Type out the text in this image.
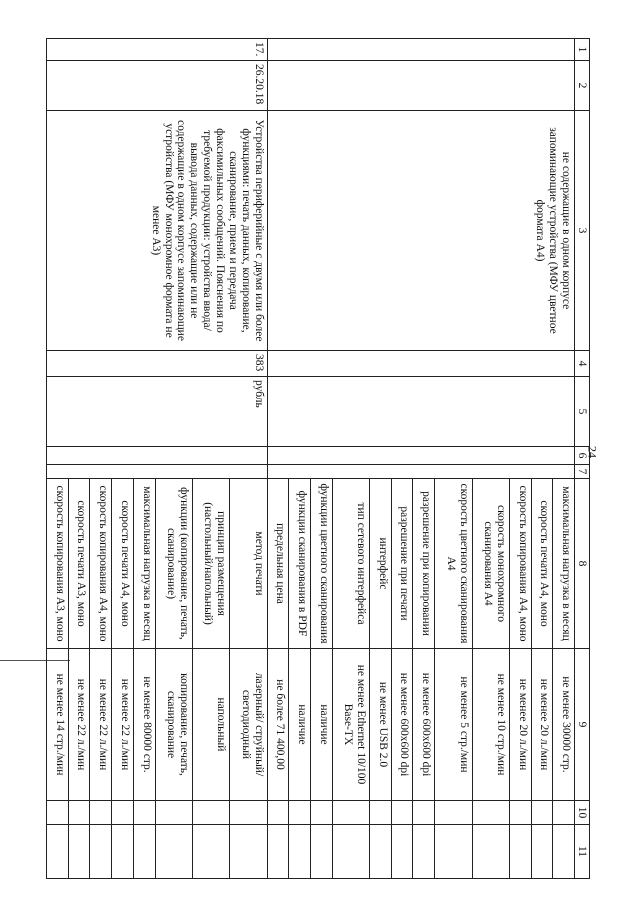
24
1	2	3	4	5	6	7	8	9	10	11
		не содержащие в одном корпусе запоминающие устройства (МФУ цветное формата А4)					максимальная нагрузка в месяц	не менее 30000 стр.		
							скорость печати А4, моно	не менее 20 л./мин		
							скорость копирования А4, моно	не менее 20 л./мин		
							скорость монохромного сканирования А4	не менее 10 стр./мин		
							скорость цветного сканирования А4	не менее 5 стр./мин		
							разрешение при копировании	не менее 600х600 dpi		
							разрешение при печати	не менее 600х600 dpi		
							интерфейс	не менее USB 2.0		
							тип сетевого интерфейса	не менее Ethernet 10/100 Base-TX		
							функции цветного сканирования	наличие		
							функции сканирования в PDF	наличие		
							предельная цена	не более 71 400,00		
17.	26.20.18	Устройства периферийные с двумя или более функциями: печать данных, копирование, сканирование, прием и передача факсимильных сообщений. Пояснения по требуемой продукции: устройства ввода/вывода данных, содержащие или не содержащие в одном корпусе запоминающие устройства (МФУ монохромное формата не менее А3)	383	рубль			метод печати	лазерный/ струйный/ светодиодный		
							принцип размещения (настольный/напольный)	напольный		
							функции (копирование, печать, сканирование)	копирование, печать, сканирование		
							максимальная нагрузка в месяц	не менее 80000 стр.		
							скорость печати А4, моно	не менее 22 л./мин		
							скорость копирования А4, моно	не менее 22 л./мин		
							скорость печати А3, моно	не менее 22 л./мин		
							скорость копирования А3, моно	не менее 14 стр./мин		
